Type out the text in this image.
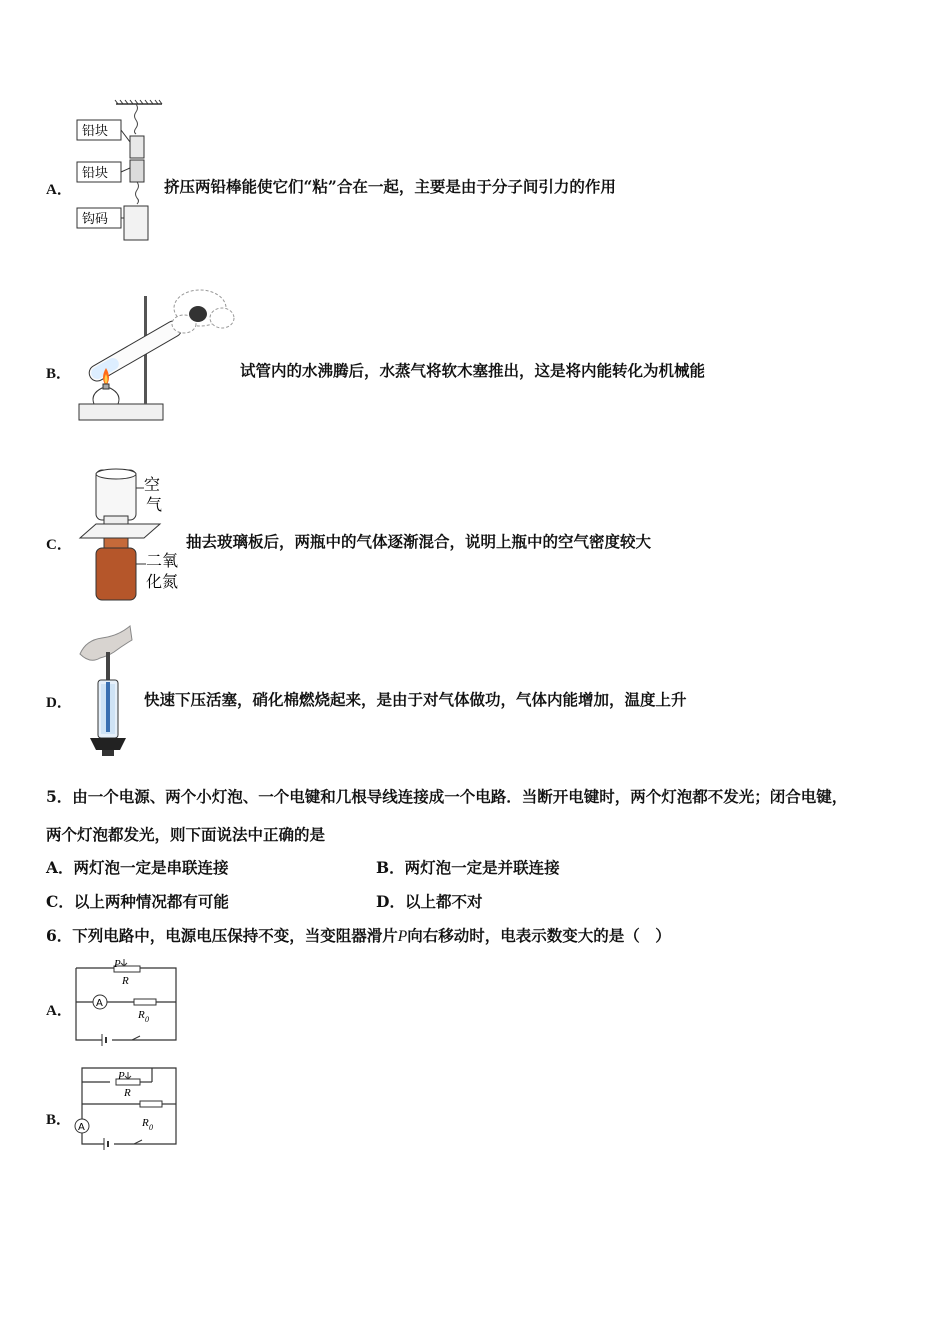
A．
铅块
铅块
钩码
挤压两铅棒能使它们“粘”合在一起，主要是由于分子间引力的作用
B．	试管内的水沸腾后，水蒸气将软木塞推出，这是将内能转化为机械能
C．
空
气
二氧
化氮
抽去玻璃板后，两瓶中的气体逐渐混合，说明上瓶中的空气密度较大
D．	快速下压活塞，硝化棉燃烧起来，是由于对气体做功，气体内能增加，温度上升
5．由一个电源、两个小灯泡、一个电键和几根导线连接成一个电路．当断开电键时，两个灯泡都不发光；闭合电键，
两个灯泡都发光，则下面说法中正确的是
A．两灯泡一定是串联连接	B．两灯泡一定是并联连接
C．以上两种情况都有可能	D．以上都不对
6．下列电路中，电源电压保持不变，当变阻器滑片P向右移动时，电表示数变大的是（　）
A．
P
R
A
R 0
B．
P
R
R 0
A
